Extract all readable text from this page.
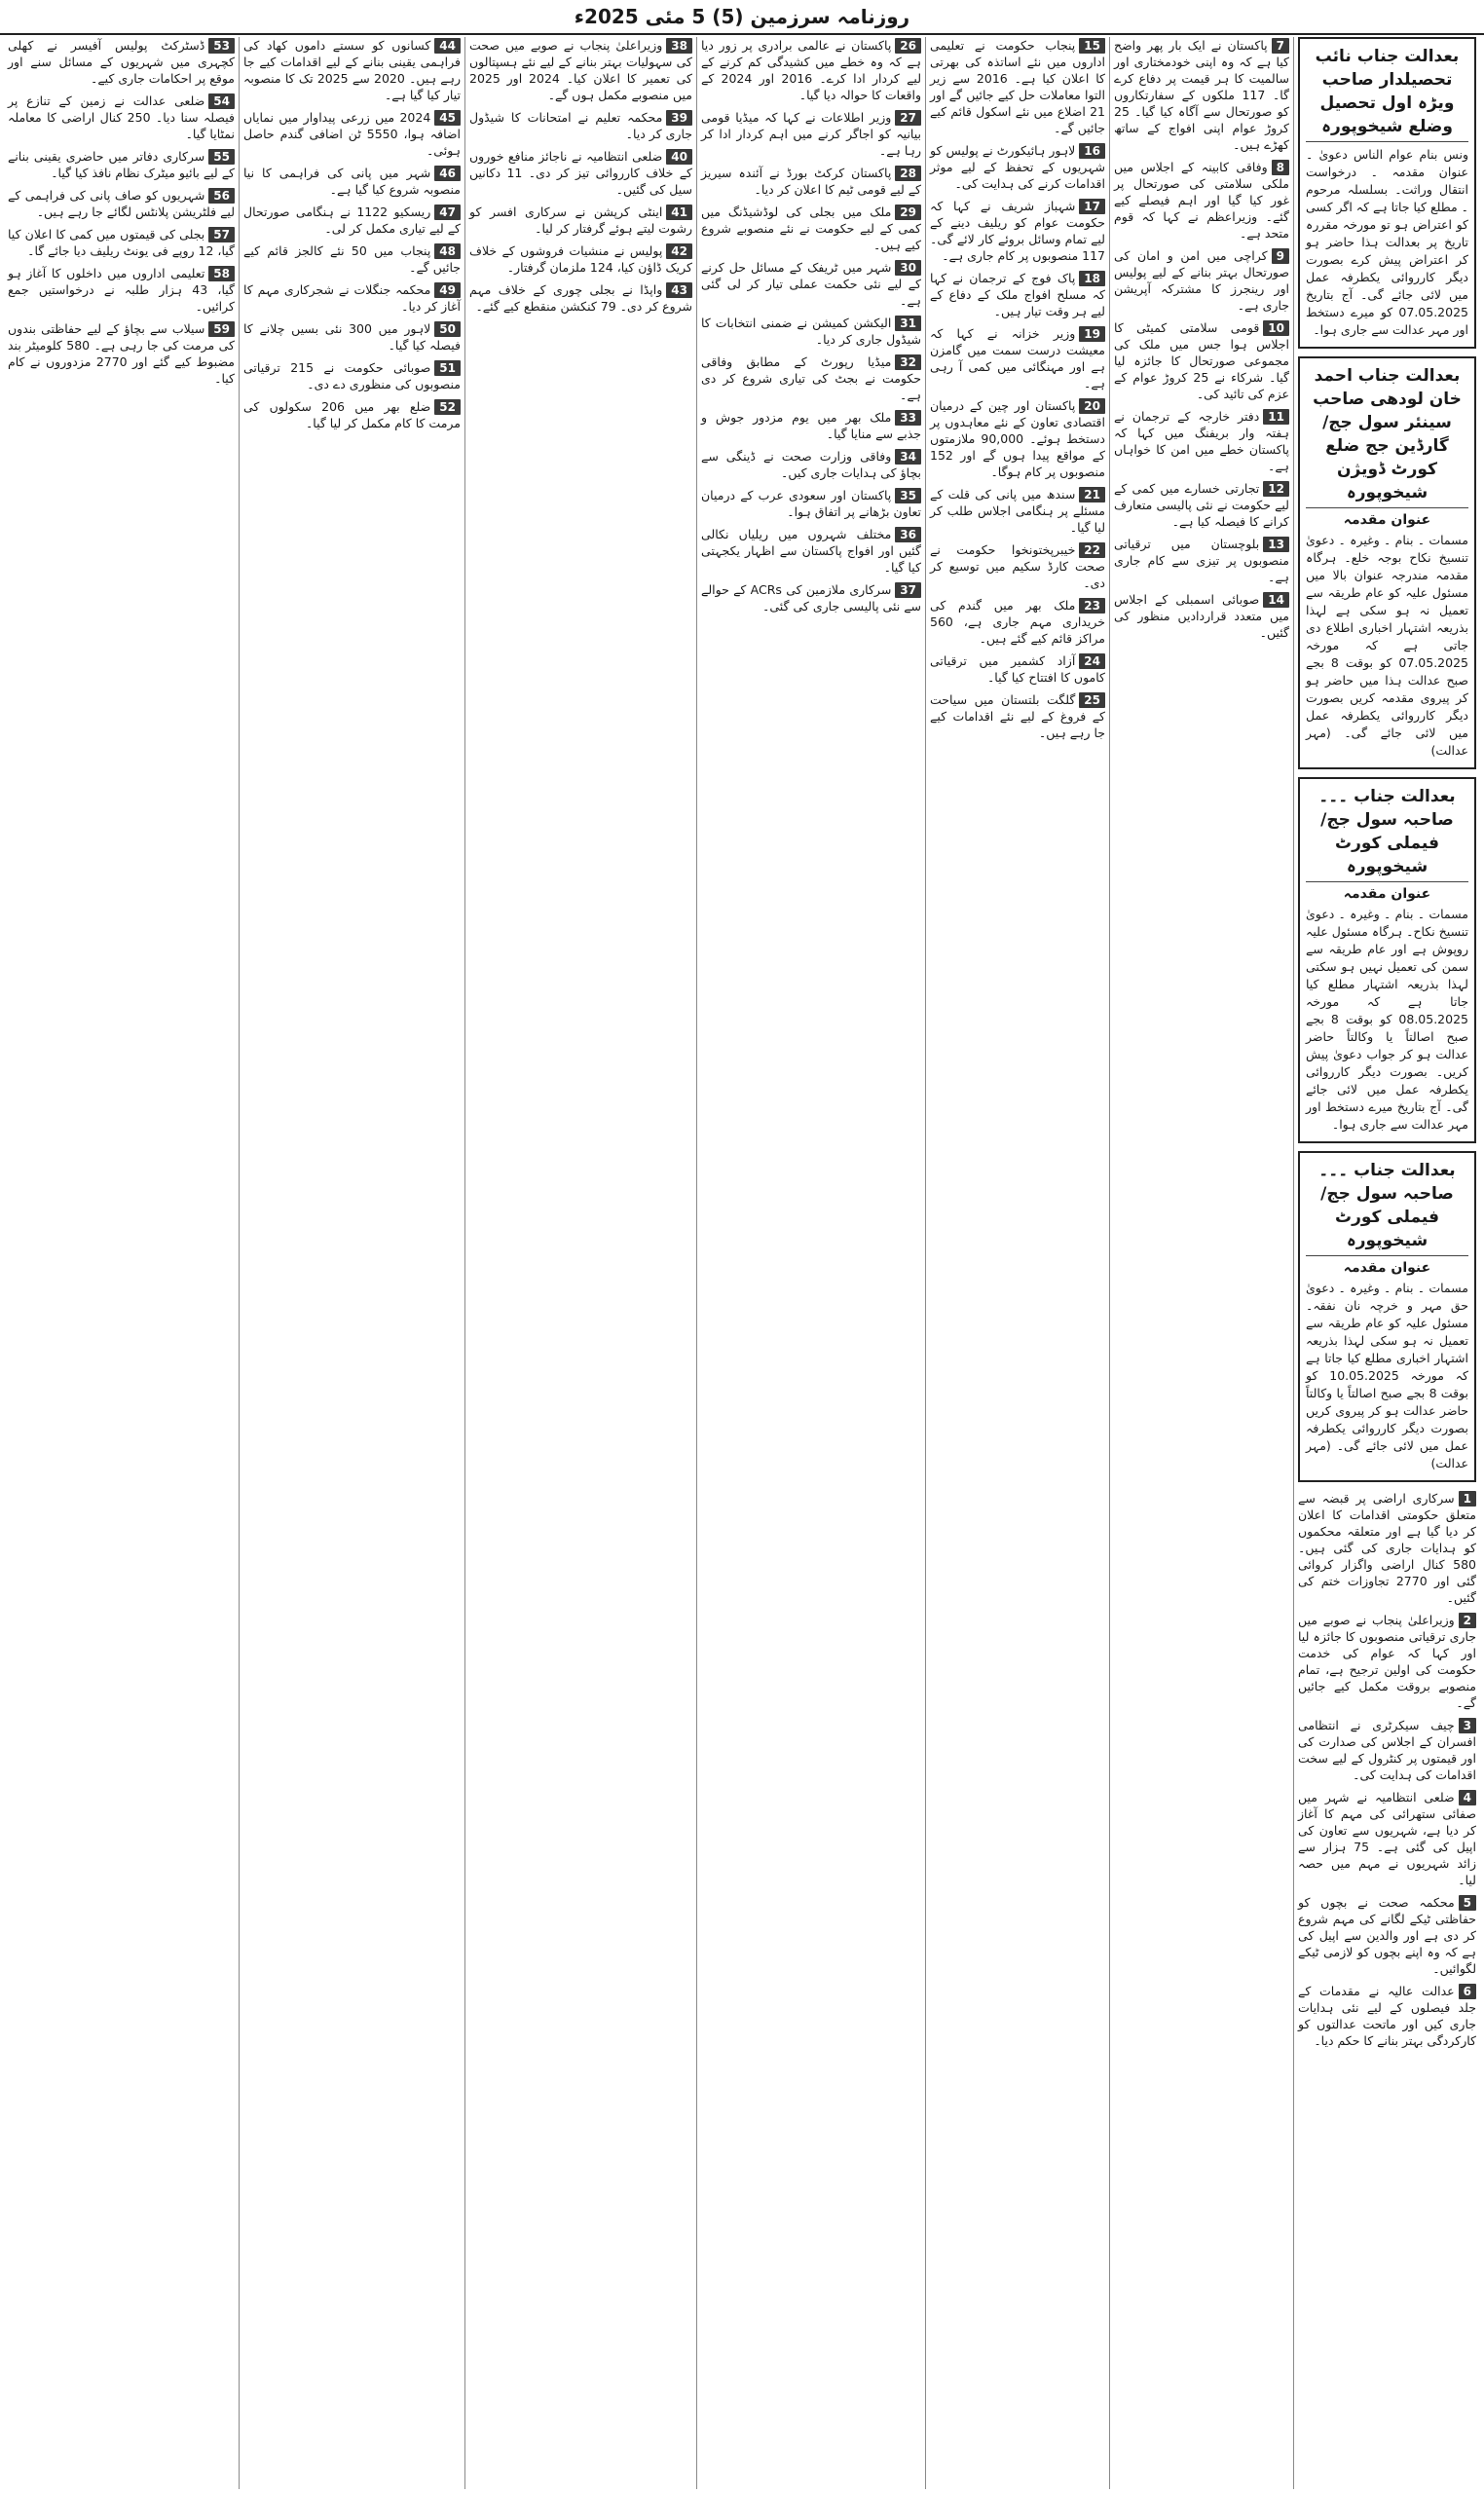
روزنامہ سرزمین (5) 5 مئی 2025ء
بعدالت جناب نائب تحصیلدار صاحب ویڑہ اول تحصیل وضلع شیخوپورہ
ونس بنام عوام الناس دعویٰ ۔ عنوان مقدمہ ۔ درخواست انتقال وراثت۔ بسلسلہ مرحوم ۔ مطلع کیا جاتا ہے کہ اگر کسی کو اعتراض ہو تو مورخہ مقررہ تاریخ پر بعدالت ہذا حاضر ہو کر اعتراض پیش کرے بصورت دیگر کارروائی یکطرفہ عمل میں لائی جائے گی۔ آج بتاریخ 07.05.2025 کو میرے دستخط اور مہر عدالت سے جاری ہوا۔
بعدالت جناب احمد خان لودھی صاحب سینئر سول جج/گارڈین جج ضلع کورٹ ڈویژن شیخوپورہ
عنوان مقدمہ
مسمات ۔ بنام ۔ وغیرہ ۔ دعویٰ تنسیخ نکاح بوجہ خلع۔ ہرگاہ مقدمہ مندرجہ عنوان بالا میں مسئول علیہ کو عام طریقہ سے تعمیل نہ ہو سکی ہے لہذا بذریعہ اشتہار اخباری اطلاع دی جاتی ہے کہ مورخہ 07.05.2025 کو بوقت 8 بجے صبح عدالت ہذا میں حاضر ہو کر پیروی مقدمہ کریں بصورت دیگر کارروائی یکطرفہ عمل میں لائی جائے گی۔ (مہر عدالت)
بعدالت جناب ۔۔۔ صاحبہ سول جج/فیملی کورٹ شیخوپورہ
عنوان مقدمہ
مسمات ۔ بنام ۔ وغیرہ ۔ دعویٰ تنسیخ نکاح۔ ہرگاہ مسئول علیہ روپوش ہے اور عام طریقہ سے سمن کی تعمیل نہیں ہو سکتی لہذا بذریعہ اشتہار مطلع کیا جاتا ہے کہ مورخہ 08.05.2025 کو بوقت 8 بجے صبح اصالتاً یا وکالتاً حاضر عدالت ہو کر جواب دعویٰ پیش کریں۔ بصورت دیگر کارروائی یکطرفہ عمل میں لائی جائے گی۔ آج بتاریخ میرے دستخط اور مہر عدالت سے جاری ہوا۔
بعدالت جناب ۔۔۔ صاحبہ سول جج/فیملی کورٹ شیخوپورہ
عنوان مقدمہ
مسمات ۔ بنام ۔ وغیرہ ۔ دعویٰ حق مہر و خرچہ نان نفقہ۔ مسئول علیہ کو عام طریقہ سے تعمیل نہ ہو سکی لہذا بذریعہ اشتہار اخباری مطلع کیا جاتا ہے کہ مورخہ 10.05.2025 کو بوقت 8 بجے صبح اصالتاً یا وکالتاً حاضر عدالت ہو کر پیروی کریں بصورت دیگر کارروائی یکطرفہ عمل میں لائی جائے گی۔ (مہر عدالت)
1سرکاری اراضی پر قبضہ سے متعلق حکومتی اقدامات کا اعلان کر دیا گیا ہے اور متعلقہ محکموں کو ہدایات جاری کی گئی ہیں۔ 580 کنال اراضی واگزار کروائی گئی اور 2770 تجاوزات ختم کی گئیں۔
2وزیراعلیٰ پنجاب نے صوبے میں جاری ترقیاتی منصوبوں کا جائزہ لیا اور کہا کہ عوام کی خدمت حکومت کی اولین ترجیح ہے، تمام منصوبے بروقت مکمل کیے جائیں گے۔
3چیف سیکرٹری نے انتظامی افسران کے اجلاس کی صدارت کی اور قیمتوں پر کنٹرول کے لیے سخت اقدامات کی ہدایت کی۔
4ضلعی انتظامیہ نے شہر میں صفائی ستھرائی کی مہم کا آغاز کر دیا ہے، شہریوں سے تعاون کی اپیل کی گئی ہے۔ 75 ہزار سے زائد شہریوں نے مہم میں حصہ لیا۔
5محکمہ صحت نے بچوں کو حفاظتی ٹیکے لگانے کی مہم شروع کر دی ہے اور والدین سے اپیل کی ہے کہ وہ اپنے بچوں کو لازمی ٹیکے لگوائیں۔
6عدالت عالیہ نے مقدمات کے جلد فیصلوں کے لیے نئی ہدایات جاری کیں اور ماتحت عدالتوں کو کارکردگی بہتر بنانے کا حکم دیا۔
7پاکستان نے ایک بار پھر واضح کیا ہے کہ وہ اپنی خودمختاری اور سالمیت کا ہر قیمت پر دفاع کرے گا۔ 117 ملکوں کے سفارتکاروں کو صورتحال سے آگاہ کیا گیا۔ 25 کروڑ عوام اپنی افواج کے ساتھ کھڑے ہیں۔
8وفاقی کابینہ کے اجلاس میں ملکی سلامتی کی صورتحال پر غور کیا گیا اور اہم فیصلے کیے گئے۔ وزیراعظم نے کہا کہ قوم متحد ہے۔
9کراچی میں امن و امان کی صورتحال بہتر بنانے کے لیے پولیس اور رینجرز کا مشترکہ آپریشن جاری ہے۔
10قومی سلامتی کمیٹی کا اجلاس ہوا جس میں ملک کی مجموعی صورتحال کا جائزہ لیا گیا۔ شرکاء نے 25 کروڑ عوام کے عزم کی تائید کی۔
11دفتر خارجہ کے ترجمان نے ہفتہ وار بریفنگ میں کہا کہ پاکستان خطے میں امن کا خواہاں ہے۔
12تجارتی خسارے میں کمی کے لیے حکومت نے نئی پالیسی متعارف کرانے کا فیصلہ کیا ہے۔
13بلوچستان میں ترقیاتی منصوبوں پر تیزی سے کام جاری ہے۔
14صوبائی اسمبلی کے اجلاس میں متعدد قراردادیں منظور کی گئیں۔
15پنجاب حکومت نے تعلیمی اداروں میں نئے اساتذہ کی بھرتی کا اعلان کیا ہے۔ 2016 سے زیر التوا معاملات حل کیے جائیں گے اور 21 اضلاع میں نئے اسکول قائم کیے جائیں گے۔
16لاہور ہائیکورٹ نے پولیس کو شہریوں کے تحفظ کے لیے موثر اقدامات کرنے کی ہدایت کی۔
17شہباز شریف نے کہا کہ حکومت عوام کو ریلیف دینے کے لیے تمام وسائل بروئے کار لائے گی۔ 117 منصوبوں پر کام جاری ہے۔
18پاک فوج کے ترجمان نے کہا کہ مسلح افواج ملک کے دفاع کے لیے ہر وقت تیار ہیں۔
19وزیر خزانہ نے کہا کہ معیشت درست سمت میں گامزن ہے اور مہنگائی میں کمی آ رہی ہے۔
20پاکستان اور چین کے درمیان اقتصادی تعاون کے نئے معاہدوں پر دستخط ہوئے۔ 90,000 ملازمتوں کے مواقع پیدا ہوں گے اور 152 منصوبوں پر کام ہوگا۔
21سندھ میں پانی کی قلت کے مسئلے پر ہنگامی اجلاس طلب کر لیا گیا۔
22خیبرپختونخوا حکومت نے صحت کارڈ سکیم میں توسیع کر دی۔
23ملک بھر میں گندم کی خریداری مہم جاری ہے، 560 مراکز قائم کیے گئے ہیں۔
24آزاد کشمیر میں ترقیاتی کاموں کا افتتاح کیا گیا۔
25گلگت بلتستان میں سیاحت کے فروغ کے لیے نئے اقدامات کیے جا رہے ہیں۔
26پاکستان نے عالمی برادری پر زور دیا ہے کہ وہ خطے میں کشیدگی کم کرنے کے لیے کردار ادا کرے۔ 2016 اور 2024 کے واقعات کا حوالہ دیا گیا۔
27وزیر اطلاعات نے کہا کہ میڈیا قومی بیانیہ کو اجاگر کرنے میں اہم کردار ادا کر رہا ہے۔
28پاکستان کرکٹ بورڈ نے آئندہ سیریز کے لیے قومی ٹیم کا اعلان کر دیا۔
29ملک میں بجلی کی لوڈشیڈنگ میں کمی کے لیے حکومت نے نئے منصوبے شروع کیے ہیں۔
30شہر میں ٹریفک کے مسائل حل کرنے کے لیے نئی حکمت عملی تیار کر لی گئی ہے۔
31الیکشن کمیشن نے ضمنی انتخابات کا شیڈول جاری کر دیا۔
32میڈیا رپورٹ کے مطابق وفاقی حکومت نے بجٹ کی تیاری شروع کر دی ہے۔
33ملک بھر میں یوم مزدور جوش و جذبے سے منایا گیا۔
34وفاقی وزارت صحت نے ڈینگی سے بچاؤ کی ہدایات جاری کیں۔
35پاکستان اور سعودی عرب کے درمیان تعاون بڑھانے پر اتفاق ہوا۔
36مختلف شہروں میں ریلیاں نکالی گئیں اور افواج پاکستان سے اظہار یکجہتی کیا گیا۔
37سرکاری ملازمین کی ACRs کے حوالے سے نئی پالیسی جاری کی گئی۔
38وزیراعلیٰ پنجاب نے صوبے میں صحت کی سہولیات بہتر بنانے کے لیے نئے ہسپتالوں کی تعمیر کا اعلان کیا۔ 2024 اور 2025 میں منصوبے مکمل ہوں گے۔
39محکمہ تعلیم نے امتحانات کا شیڈول جاری کر دیا۔
40ضلعی انتظامیہ نے ناجائز منافع خوروں کے خلاف کارروائی تیز کر دی۔ 11 دکانیں سیل کی گئیں۔
41اینٹی کرپشن نے سرکاری افسر کو رشوت لیتے ہوئے گرفتار کر لیا۔
42پولیس نے منشیات فروشوں کے خلاف کریک ڈاؤن کیا، 124 ملزمان گرفتار۔
43واپڈا نے بجلی چوری کے خلاف مہم شروع کر دی۔ 79 کنکشن منقطع کیے گئے۔
44کسانوں کو سستے داموں کھاد کی فراہمی یقینی بنانے کے لیے اقدامات کیے جا رہے ہیں۔ 2020 سے 2025 تک کا منصوبہ تیار کیا گیا ہے۔
452024 میں زرعی پیداوار میں نمایاں اضافہ ہوا، 5550 ٹن اضافی گندم حاصل ہوئی۔
46شہر میں پانی کی فراہمی کا نیا منصوبہ شروع کیا گیا ہے۔
47ریسکیو 1122 نے ہنگامی صورتحال کے لیے تیاری مکمل کر لی۔
48پنجاب میں 50 نئے کالجز قائم کیے جائیں گے۔
49محکمہ جنگلات نے شجرکاری مہم کا آغاز کر دیا۔
50لاہور میں 300 نئی بسیں چلانے کا فیصلہ کیا گیا۔
51صوبائی حکومت نے 215 ترقیاتی منصوبوں کی منظوری دے دی۔
52ضلع بھر میں 206 سکولوں کی مرمت کا کام مکمل کر لیا گیا۔
53ڈسٹرکٹ پولیس آفیسر نے کھلی کچہری میں شہریوں کے مسائل سنے اور موقع پر احکامات جاری کیے۔
54ضلعی عدالت نے زمین کے تنازع پر فیصلہ سنا دیا۔ 250 کنال اراضی کا معاملہ نمٹایا گیا۔
55سرکاری دفاتر میں حاضری یقینی بنانے کے لیے بائیو میٹرک نظام نافذ کیا گیا۔
56شہریوں کو صاف پانی کی فراہمی کے لیے فلٹریشن پلانٹس لگائے جا رہے ہیں۔
57بجلی کی قیمتوں میں کمی کا اعلان کیا گیا، 12 روپے فی یونٹ ریلیف دیا جائے گا۔
58تعلیمی اداروں میں داخلوں کا آغاز ہو گیا، 43 ہزار طلبہ نے درخواستیں جمع کرائیں۔
59سیلاب سے بچاؤ کے لیے حفاظتی بندوں کی مرمت کی جا رہی ہے۔ 580 کلومیٹر بند مضبوط کیے گئے اور 2770 مزدوروں نے کام کیا۔
